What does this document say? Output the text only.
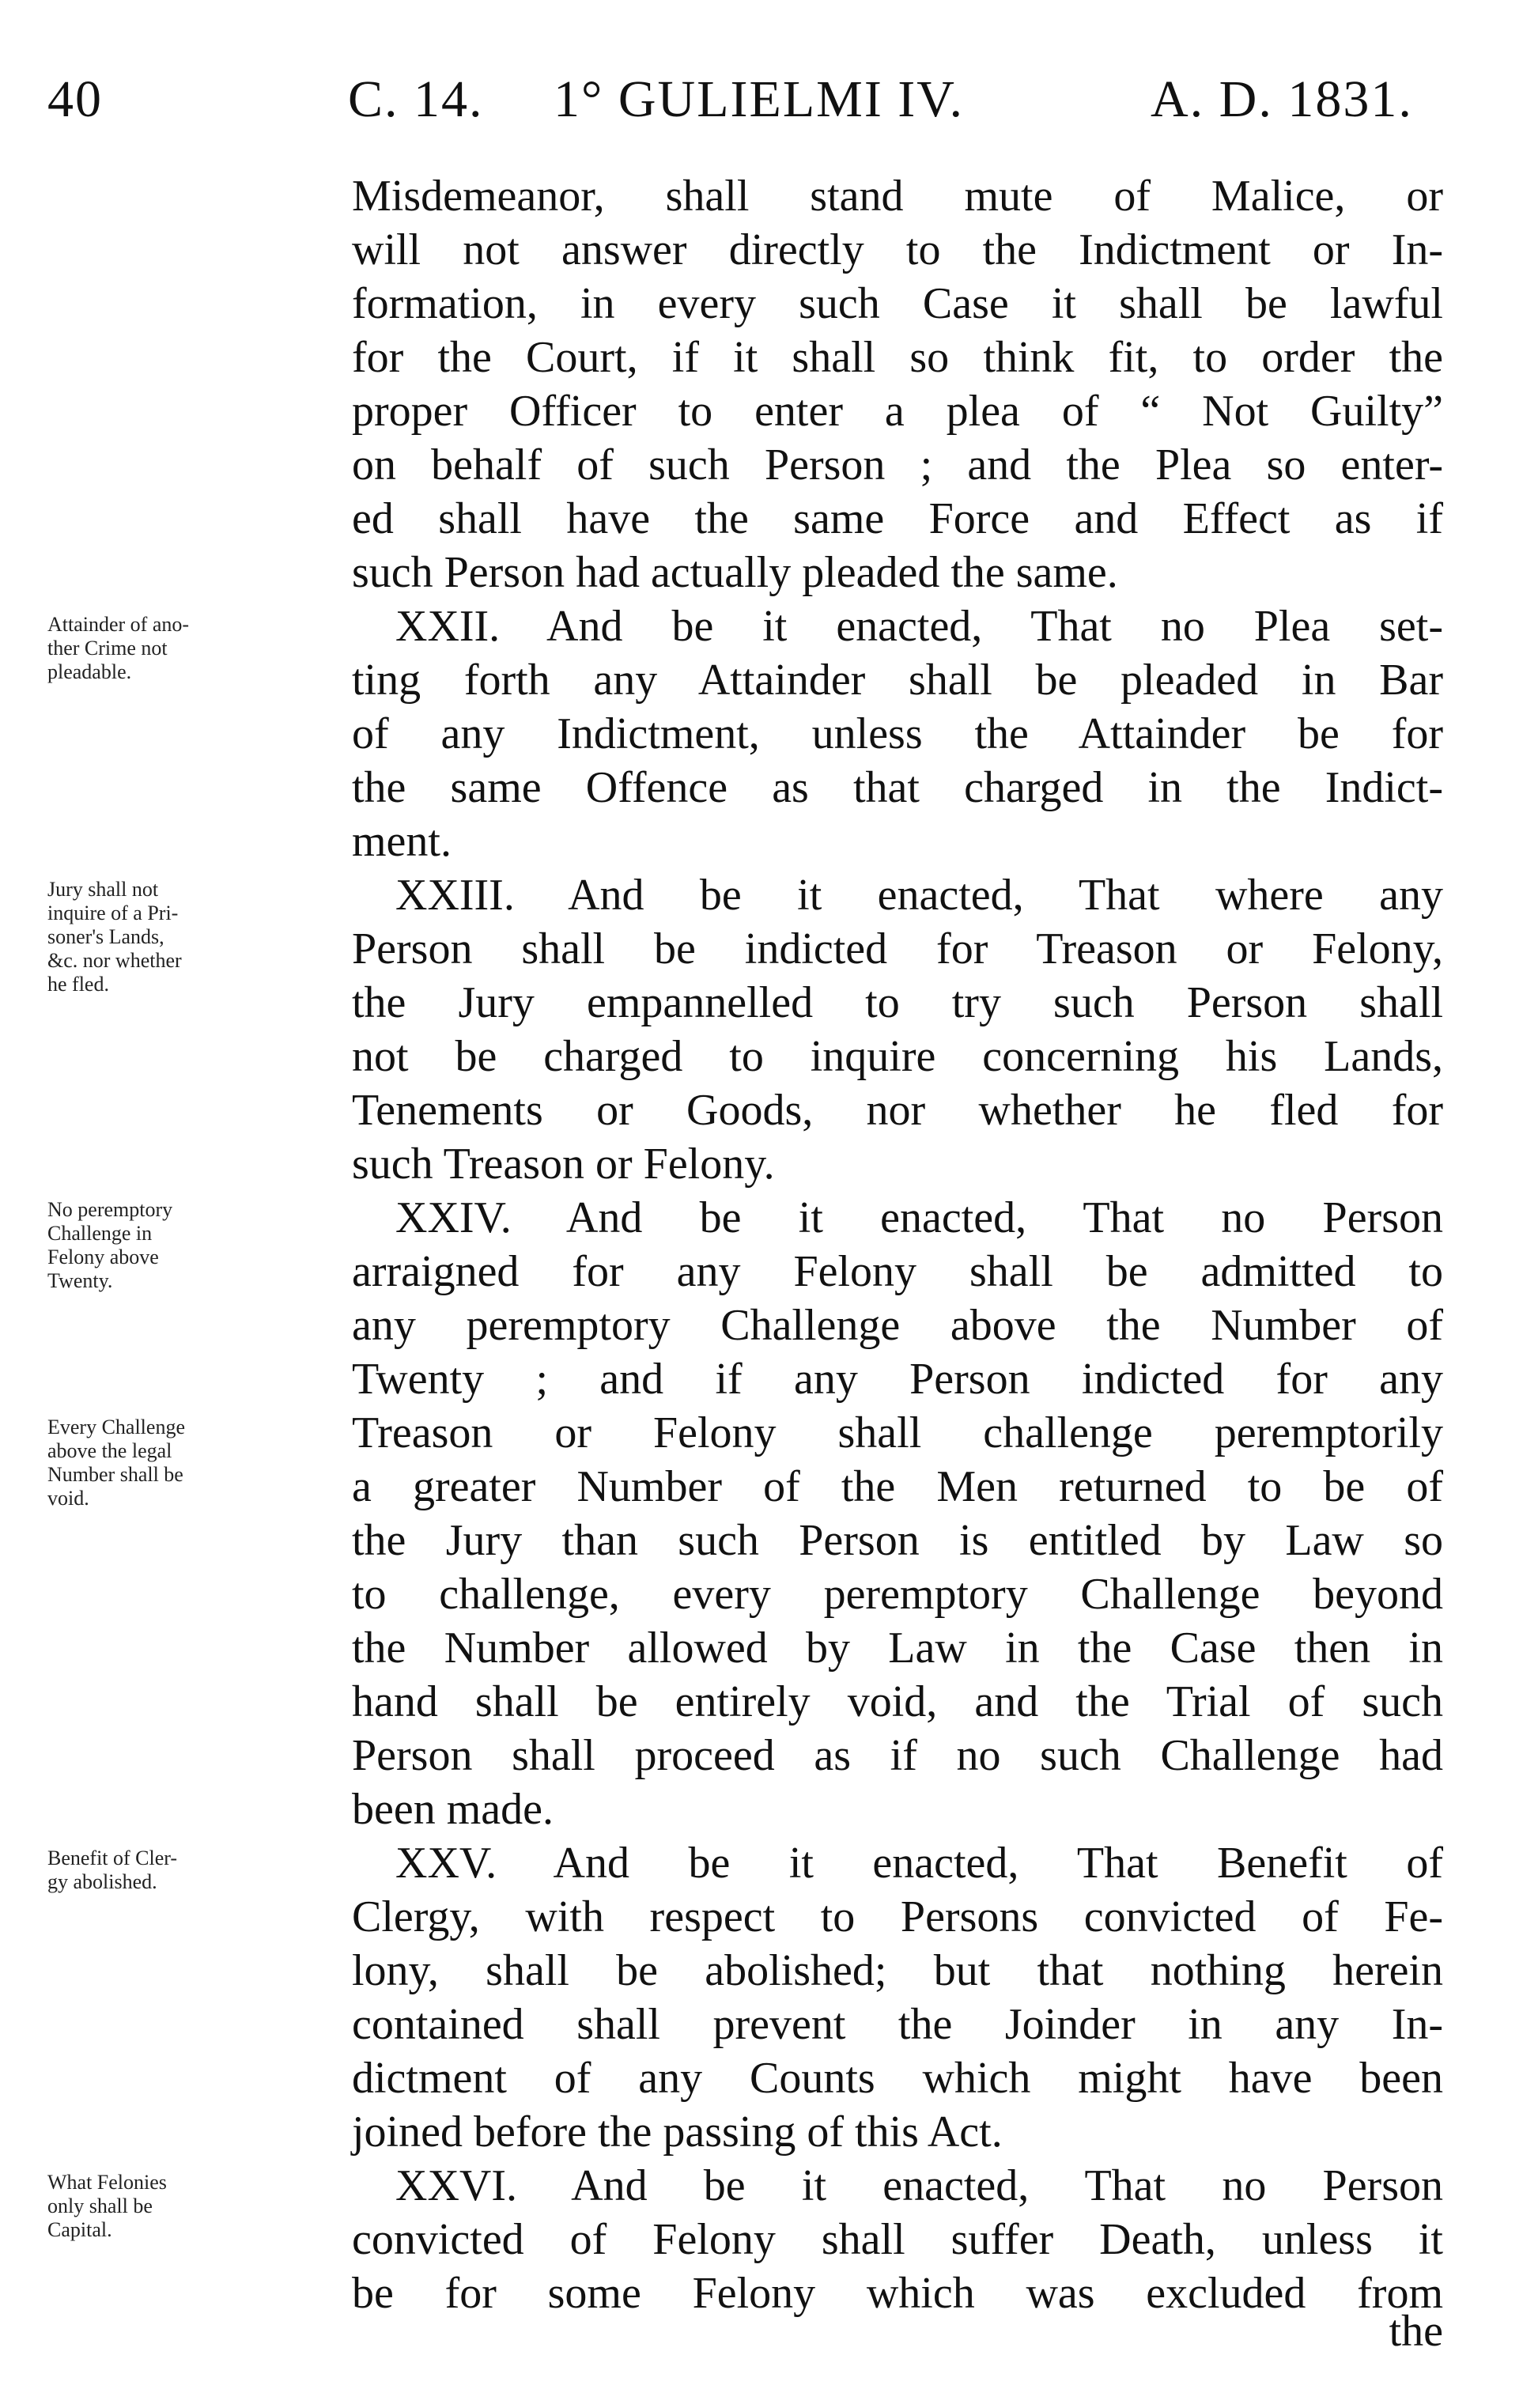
40	C. 14. 1° GULIELMI IV.	A. D. 1831.
Misdemeanor, shall stand mute of Malice, or
will not answer directly to the Indictment or In-
formation, in every such Case it shall be lawful
for the Court, if it shall so think fit, to order the
proper Officer to enter a plea of “ Not Guilty”
on behalf of such Person ; and the Plea so enter-
ed shall have the same Force and Effect as if
such Person had actually pleaded the same.
XXII. And be it enacted, That no Plea set-
ting forth any Attainder shall be pleaded in Bar
of any Indictment, unless the Attainder be for
the same Offence as that charged in the Indict-
ment.
XXIII. And be it enacted, That where any
Person shall be indicted for Treason or Felony,
the Jury empannelled to try such Person shall
not be charged to inquire concerning his Lands,
Tenements or Goods, nor whether he fled for
such Treason or Felony.
XXIV. And be it enacted, That no Person
arraigned for any Felony shall be admitted to
any peremptory Challenge above the Number of
Twenty ; and if any Person indicted for any
Treason or Felony shall challenge peremptorily
a greater Number of the Men returned to be of
the Jury than such Person is entitled by Law so
to challenge, every peremptory Challenge beyond
the Number allowed by Law in the Case then in
hand shall be entirely void, and the Trial of such
Person shall proceed as if no such Challenge had
been made.
XXV. And be it enacted, That Benefit of
Clergy, with respect to Persons convicted of Fe-
lony, shall be abolished; but that nothing herein
contained shall prevent the Joinder in any In-
dictment of any Counts which might have been
joined before the passing of this Act.
XXVI. And be it enacted, That no Person
convicted of Felony shall suffer Death, unless it
be for some Felony which was excluded from
the
Attainder of ano-
ther Crime not
pleadable.
Jury shall not
inquire of a Pri-
soner's Lands,
&c. nor whether
he fled.
No peremptory
Challenge in
Felony above
Twenty.
Every Challenge
above the legal
Number shall be
void.
Benefit of Cler-
gy abolished.
What Felonies
only shall be
Capital.
